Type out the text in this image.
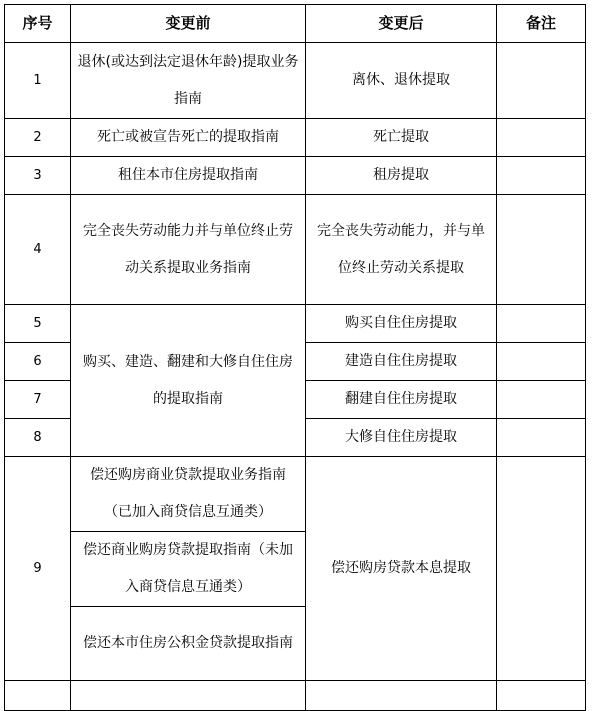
序号	变更前	变更后	备注
1	退休(或达到法定退休年龄)提取业务指南	离休、退休提取	
2	死亡或被宣告死亡的提取指南	死亡提取	
3	租住本市住房提取指南	租房提取	
4	完全丧失劳动能力并与单位终止劳动关系提取业务指南	完全丧失劳动能力，并与单位终止劳动关系提取	
5	购买、建造、翻建和大修自住住房的提取指南	购买自住住房提取	
6		建造自住住房提取	
7		翻建自住住房提取	
8		大修自住住房提取	
9	偿还购房商业贷款提取业务指南（已加入商贷信息互通类）	偿还购房贷款本息提取	
	偿还商业购房贷款提取指南（未加入商贷信息互通类）		
	偿还本市住房公积金贷款提取指南		
